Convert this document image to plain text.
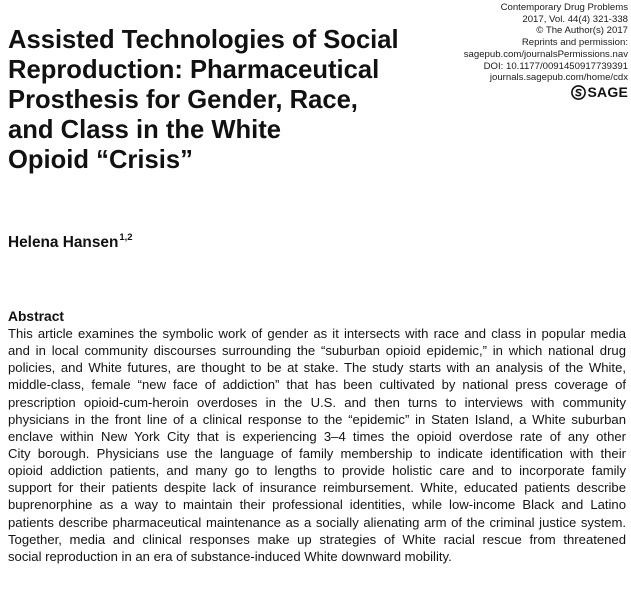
Contemporary Drug Problems
2017, Vol. 44(4) 321-338
© The Author(s) 2017
Reprints and permission:
sagepub.com/journalsPermissions.nav
DOI: 10.1177/0091450917739391
journals.sagepub.com/home/cdx
SAGE
Assisted Technologies of Social
Reproduction: Pharmaceutical
Prosthesis for Gender, Race,
and Class in the White
Opioid “Crisis”
Helena Hansen$^{1,2}$
Abstract
This article examines the symbolic work of gender as it intersects with race and class in popular media
and in local community discourses surrounding the “suburban opioid epidemic,” in which national drug
policies, and White futures, are thought to be at stake. The study starts with an analysis of the White,
middle-class, female “new face of addiction” that has been cultivated by national press coverage of
prescription opioid-cum-heroin overdoses in the U.S. and then turns to interviews with community
physicians in the front line of a clinical response to the “epidemic” in Staten Island, a White suburban
enclave within New York City that is experiencing 3–4 times the opioid overdose rate of any other
City borough. Physicians use the language of family membership to indicate identification with their
opioid addiction patients, and many go to lengths to provide holistic care and to incorporate family
support for their patients despite lack of insurance reimbursement. White, educated patients describe
buprenorphine as a way to maintain their professional identities, while low-income Black and Latino
patients describe pharmaceutical maintenance as a socially alienating arm of the criminal justice system.
Together, media and clinical responses make up strategies of White racial rescue from threatened
social reproduction in an era of substance-induced White downward mobility.
